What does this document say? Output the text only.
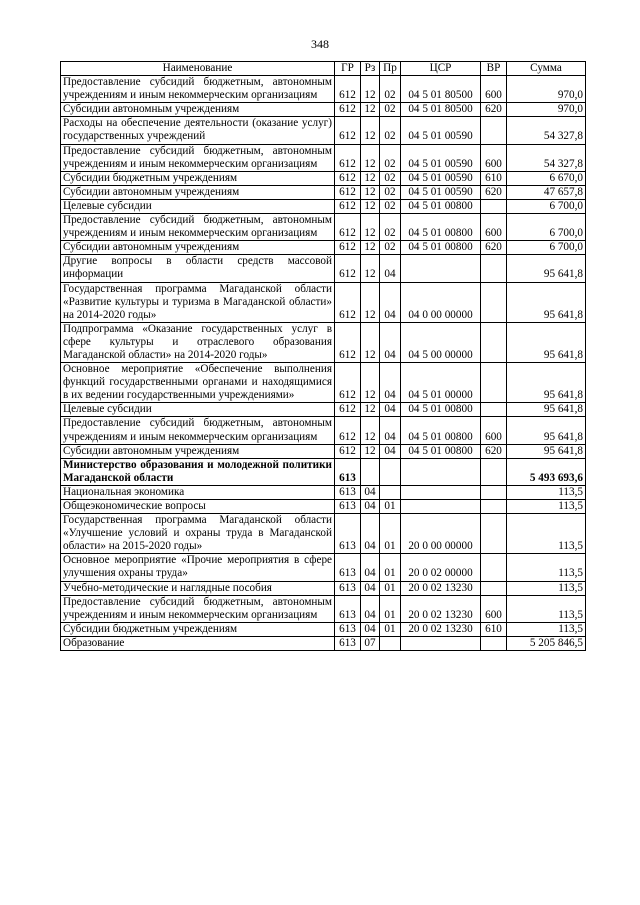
348
Наименование	ГР	Рз	Пр	ЦСР	ВР	Сумма
Предоставление субсидий бюджетным, автономным учреждениям и иным некоммерческим организациям	612	12	02	04 5 01 80500	600	970,0
Субсидии автономным учреждениям	612	12	02	04 5 01 80500	620	970,0
Расходы на обеспечение деятельности (оказание услуг) государственных учреждений	612	12	02	04 5 01 00590		54 327,8
Предоставление субсидий бюджетным, автономным учреждениям и иным некоммерческим организациям	612	12	02	04 5 01 00590	600	54 327,8
Субсидии бюджетным учреждениям	612	12	02	04 5 01 00590	610	6 670,0
Субсидии автономным учреждениям	612	12	02	04 5 01 00590	620	47 657,8
Целевые субсидии	612	12	02	04 5 01 00800		6 700,0
Предоставление субсидий бюджетным, автономным учреждениям и иным некоммерческим организациям	612	12	02	04 5 01 00800	600	6 700,0
Субсидии автономным учреждениям	612	12	02	04 5 01 00800	620	6 700,0
Другие вопросы в области средств массовой информации	612	12	04			95 641,8
Государственная программа Магаданской области «Развитие культуры и туризма в Магаданской области» на 2014-2020 годы»	612	12	04	04 0 00 00000		95 641,8
Подпрограмма «Оказание государственных услуг в сфере культуры и отраслевого образования Магаданской области» на 2014-2020 годы»	612	12	04	04 5 00 00000		95 641,8
Основное мероприятие «Обеспечение выполнения функций государственными органами и находящимися в их ведении государственными учреждениями»	612	12	04	04 5 01 00000		95 641,8
Целевые субсидии	612	12	04	04 5 01 00800		95 641,8
Предоставление субсидий бюджетным, автономным учреждениям и иным некоммерческим организациям	612	12	04	04 5 01 00800	600	95 641,8
Субсидии автономным учреждениям	612	12	04	04 5 01 00800	620	95 641,8
Министерство образования и молодежной политики Магаданской области	613					5 493 693,6
Национальная экономика	613	04				113,5
Общеэкономические вопросы	613	04	01			113,5
Государственная программа Магаданской области «Улучшение условий и охраны труда в Магаданской области» на 2015-2020 годы»	613	04	01	20 0 00 00000		113,5
Основное мероприятие «Прочие мероприятия в сфере улучшения охраны труда»	613	04	01	20 0 02 00000		113,5
Учебно-методические и наглядные пособия	613	04	01	20 0 02 13230		113,5
Предоставление субсидий бюджетным, автономным учреждениям и иным некоммерческим организациям	613	04	01	20 0 02 13230	600	113,5
Субсидии бюджетным учреждениям	613	04	01	20 0 02 13230	610	113,5
Образование	613	07				5 205 846,5
